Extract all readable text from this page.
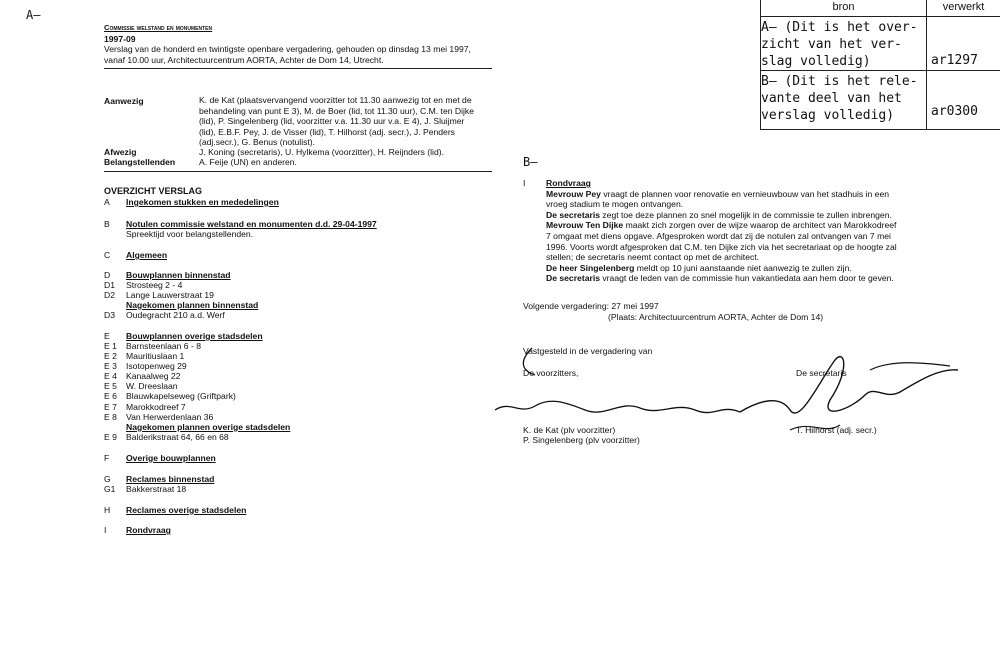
A–
Commissie welstand en monumenten
1997-09
Verslag van de honderd en twintigste openbare vergadering, gehouden op dinsdag 13 mei 1997,
vanaf 10.00 uur, Architectuurcentrum AORTA, Achter de Dom 14, Utrecht.
Aanwezig	K. de Kat (plaatsvervangend voorzitter tot 11.30 aanwezig tot en met de
behandeling van punt E 3), M. de Boer (lid, tot 11.30 uur), C.M. ten Dijke
(lid), P. Singelenberg (lid, voorzitter v.a. 11.30 uur v.a. E 4), J. Sluijmer
(lid), E.B.F. Pey, J. de Visser (lid), T. Hilhorst (adj. secr.), J. Penders
(adj.secr.), G. Benus (notulist).
Afwezig	J. Koning (secretaris), U. Hylkema (voorzitter), H. Reijnders (lid).
Belangstellenden	A. Feije (UN) en anderen.
OVERZICHT VERSLAG
A Ingekomen stukken en mededelingen
B Notulen commissie welstand en monumenten d.d. 29-04-1997
Spreektijd voor belangstellenden.
C Algemeen
D Bouwplannen binnenstad
D1 Strosteeg 2 - 4
D2 Lange Lauwerstraat 19
Nagekomen plannen binnenstad
D3 Oudegracht 210 a.d. Werf
E Bouwplannen overige stadsdelen
E 1 Barnsteenlaan 6 - 8
E 2 Mauritiuslaan 1
E 3 Isotopenweg 29
E 4 Kanaalweg 22
E 5 W. Dreeslaan
E 6 Blauwkapelseweg (Griftpark)
E 7 Marokkodreef 7
E 8 Van Herwerdenlaan 36
Nagekomen plannen overige stadsdelen
E 9 Balderikstraat 64, 66 en 68
F Overige bouwplannen
G Reclames binnenstad
G1 Bakkerstraat 18
H Reclames overige stadsdelen
I Rondvraag
bron	verwerkt
A– (Dit is het over-
zicht van het ver-
slag volledig)	ar1297
B– (Dit is het rele-
vante deel van het
verslag volledig)	ar0300
B–
I Rondvraag
Mevrouw Pey vraagt de plannen voor renovatie en vernieuwbouw van het stadhuis in een
vroeg stadium te mogen ontvangen.
De secretaris zegt toe deze plannen zo snel mogelijk in de commissie te zullen inbrengen.
Mevrouw Ten Dijke maakt zich zorgen over de wijze waarop de architect van Marokkodreef
7 omgaat met diens opgave. Afgesproken wordt dat zij de notulen zal ontvangen van 7 mei
1996. Voorts wordt afgesproken dat C.M. ten Dijke zich via het secretariaat op de hoogte zal
stellen; de secretaris neemt contact op met de architect.
De heer Singelenberg meldt op 10 juni aanstaande niet aanwezig te zullen zijn.
De secretaris vraagt de leden van de commissie hun vakantiedata aan hem door te geven.
Volgende vergadering: 27 mei 1997
(Plaats: Architectuurcentrum AORTA, Achter de Dom 14)
Vastgesteld in de vergadering van
De voorzitters,	De secretaris
K. de Kat (plv voorzitter)
P. Singelenberg (plv voorzitter)
T. Hilhorst (adj. secr.)
